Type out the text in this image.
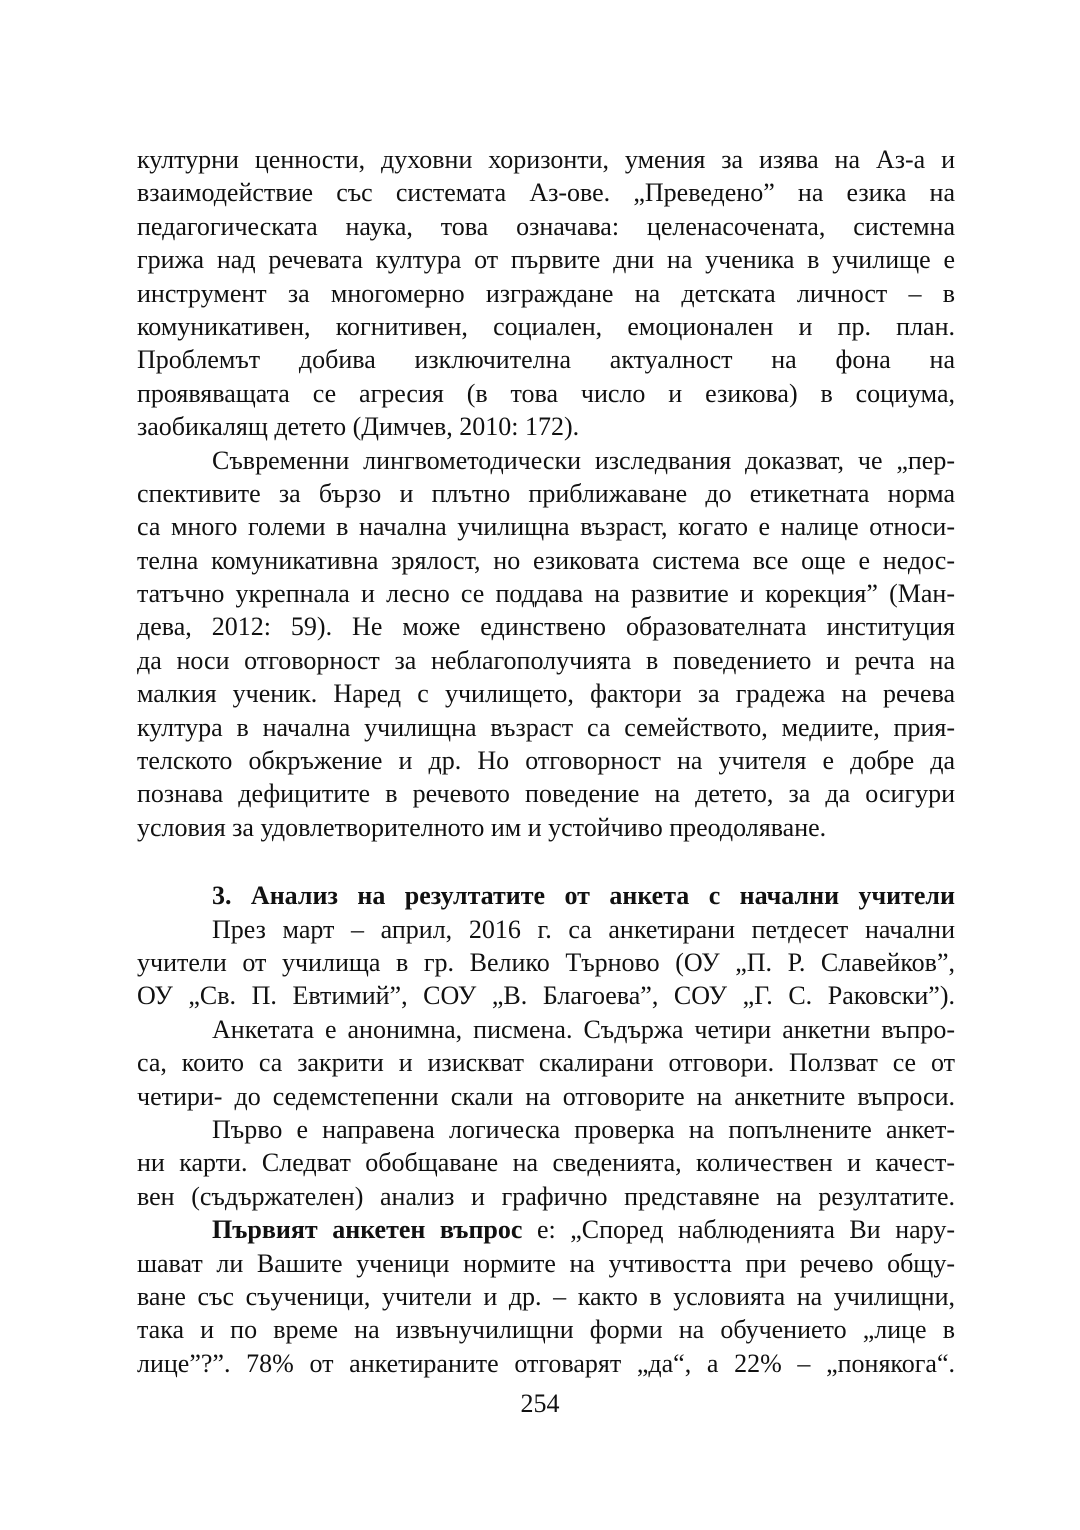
културни ценности, духовни хоризонти, умения за изява на Аз-а и
взаимодействие със системата Аз-ове. „Преведено” на езика на
педагогическата наука, това означава: целенасочената, системна
грижа над речевата култура от първите дни на ученика в училище е
инструмент за многомерно изграждане на детската личност – в
комуникативен, когнитивен, социален, емоционален и пр. план.
Проблемът добива изключителна актуалност на фона на
проявяващата се агресия (в това число и езикова) в социума,
заобикалящ детето (Димчев, 2010: 172).
Съвременни лингвометодически изследвания доказват, че „пер-
спективите за бързо и плътно приближаване до етикетната норма
са много големи в начална училищна възраст, когато е налице относи-
телна комуникативна зрялост, но езиковата система все още е недос-
татъчно укрепнала и лесно се поддава на развитие и корекция” (Ман-
дева, 2012: 59). Не може единствено образователната институция
да носи отговорност за неблагополучията в поведението и речта на
малкия ученик. Наред с училището, фактори за градежа на речева
култура в начална училищна възраст са семейството, медиите, прия-
телското обкръжение и др. Но отговорност на учителя е добре да
познава дефицитите в речевото поведение на детето, за да осигури
условия за удовлетворителното им и устойчиво преодоляване.
3. Анализ на резултатите от анкета с начални учители
През март – април, 2016 г. са анкетирани петдесет начални
учители от училища в гр. Велико Търново (ОУ „П. Р. Славейков”,
ОУ „Св. П. Евтимий”, СОУ „В. Благоева”, СОУ „Г. С. Раковски”).
Анкетата е анонимна, писмена. Съдържа четири анкетни въпро-
са, които са закрити и изискват скалирани отговори. Ползват се от
четири- до седемстепенни скали на отговорите на анкетните въпроси.
Първо е направена логическа проверка на попълнените анкет-
ни карти. Следват обобщаване на сведенията, количествен и качест-
вен (съдържателен) анализ и графично представяне на резултатите.
Първият анкетен въпрос е: „Според наблюденията Ви нару-
шават ли Вашите ученици нормите на учтивостта при речево общу-
ване със съученици, учители и др. – както в условията на училищни,
така и по време на извънучилищни форми на обучението „лице в
лице”?”. 78% от анкетираните отговарят „да“, а 22% – „понякога“.
254
